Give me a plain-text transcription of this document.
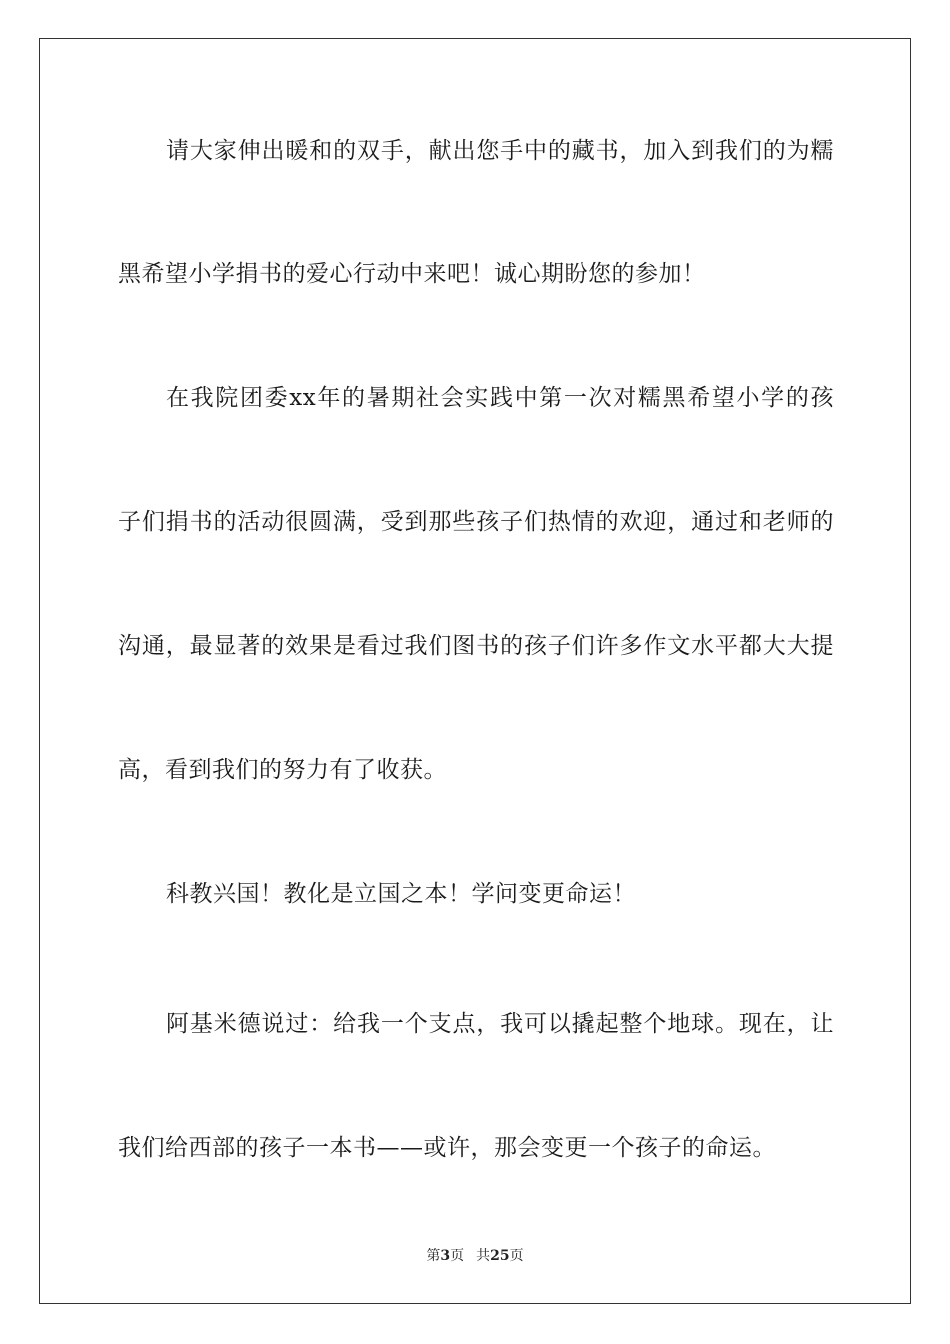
请大家伸出暖和的双手，献出您手中的藏书，加入到我们的为糯
黑希望小学捐书的爱心行动中来吧！诚心期盼您的参加！
在我院团委xx年的暑期社会实践中第一次对糯黑希望小学的孩
子们捐书的活动很圆满，受到那些孩子们热情的欢迎，通过和老师的
沟通，最显著的效果是看过我们图书的孩子们许多作文水平都大大提
高，看到我们的努力有了收获。
科教兴国！教化是立国之本！学问变更命运！
阿基米德说过：给我一个支点，我可以撬起整个地球。现在，让
我们给西部的孩子一本书——或许，那会变更一个孩子的命运。
第3页 共25页
